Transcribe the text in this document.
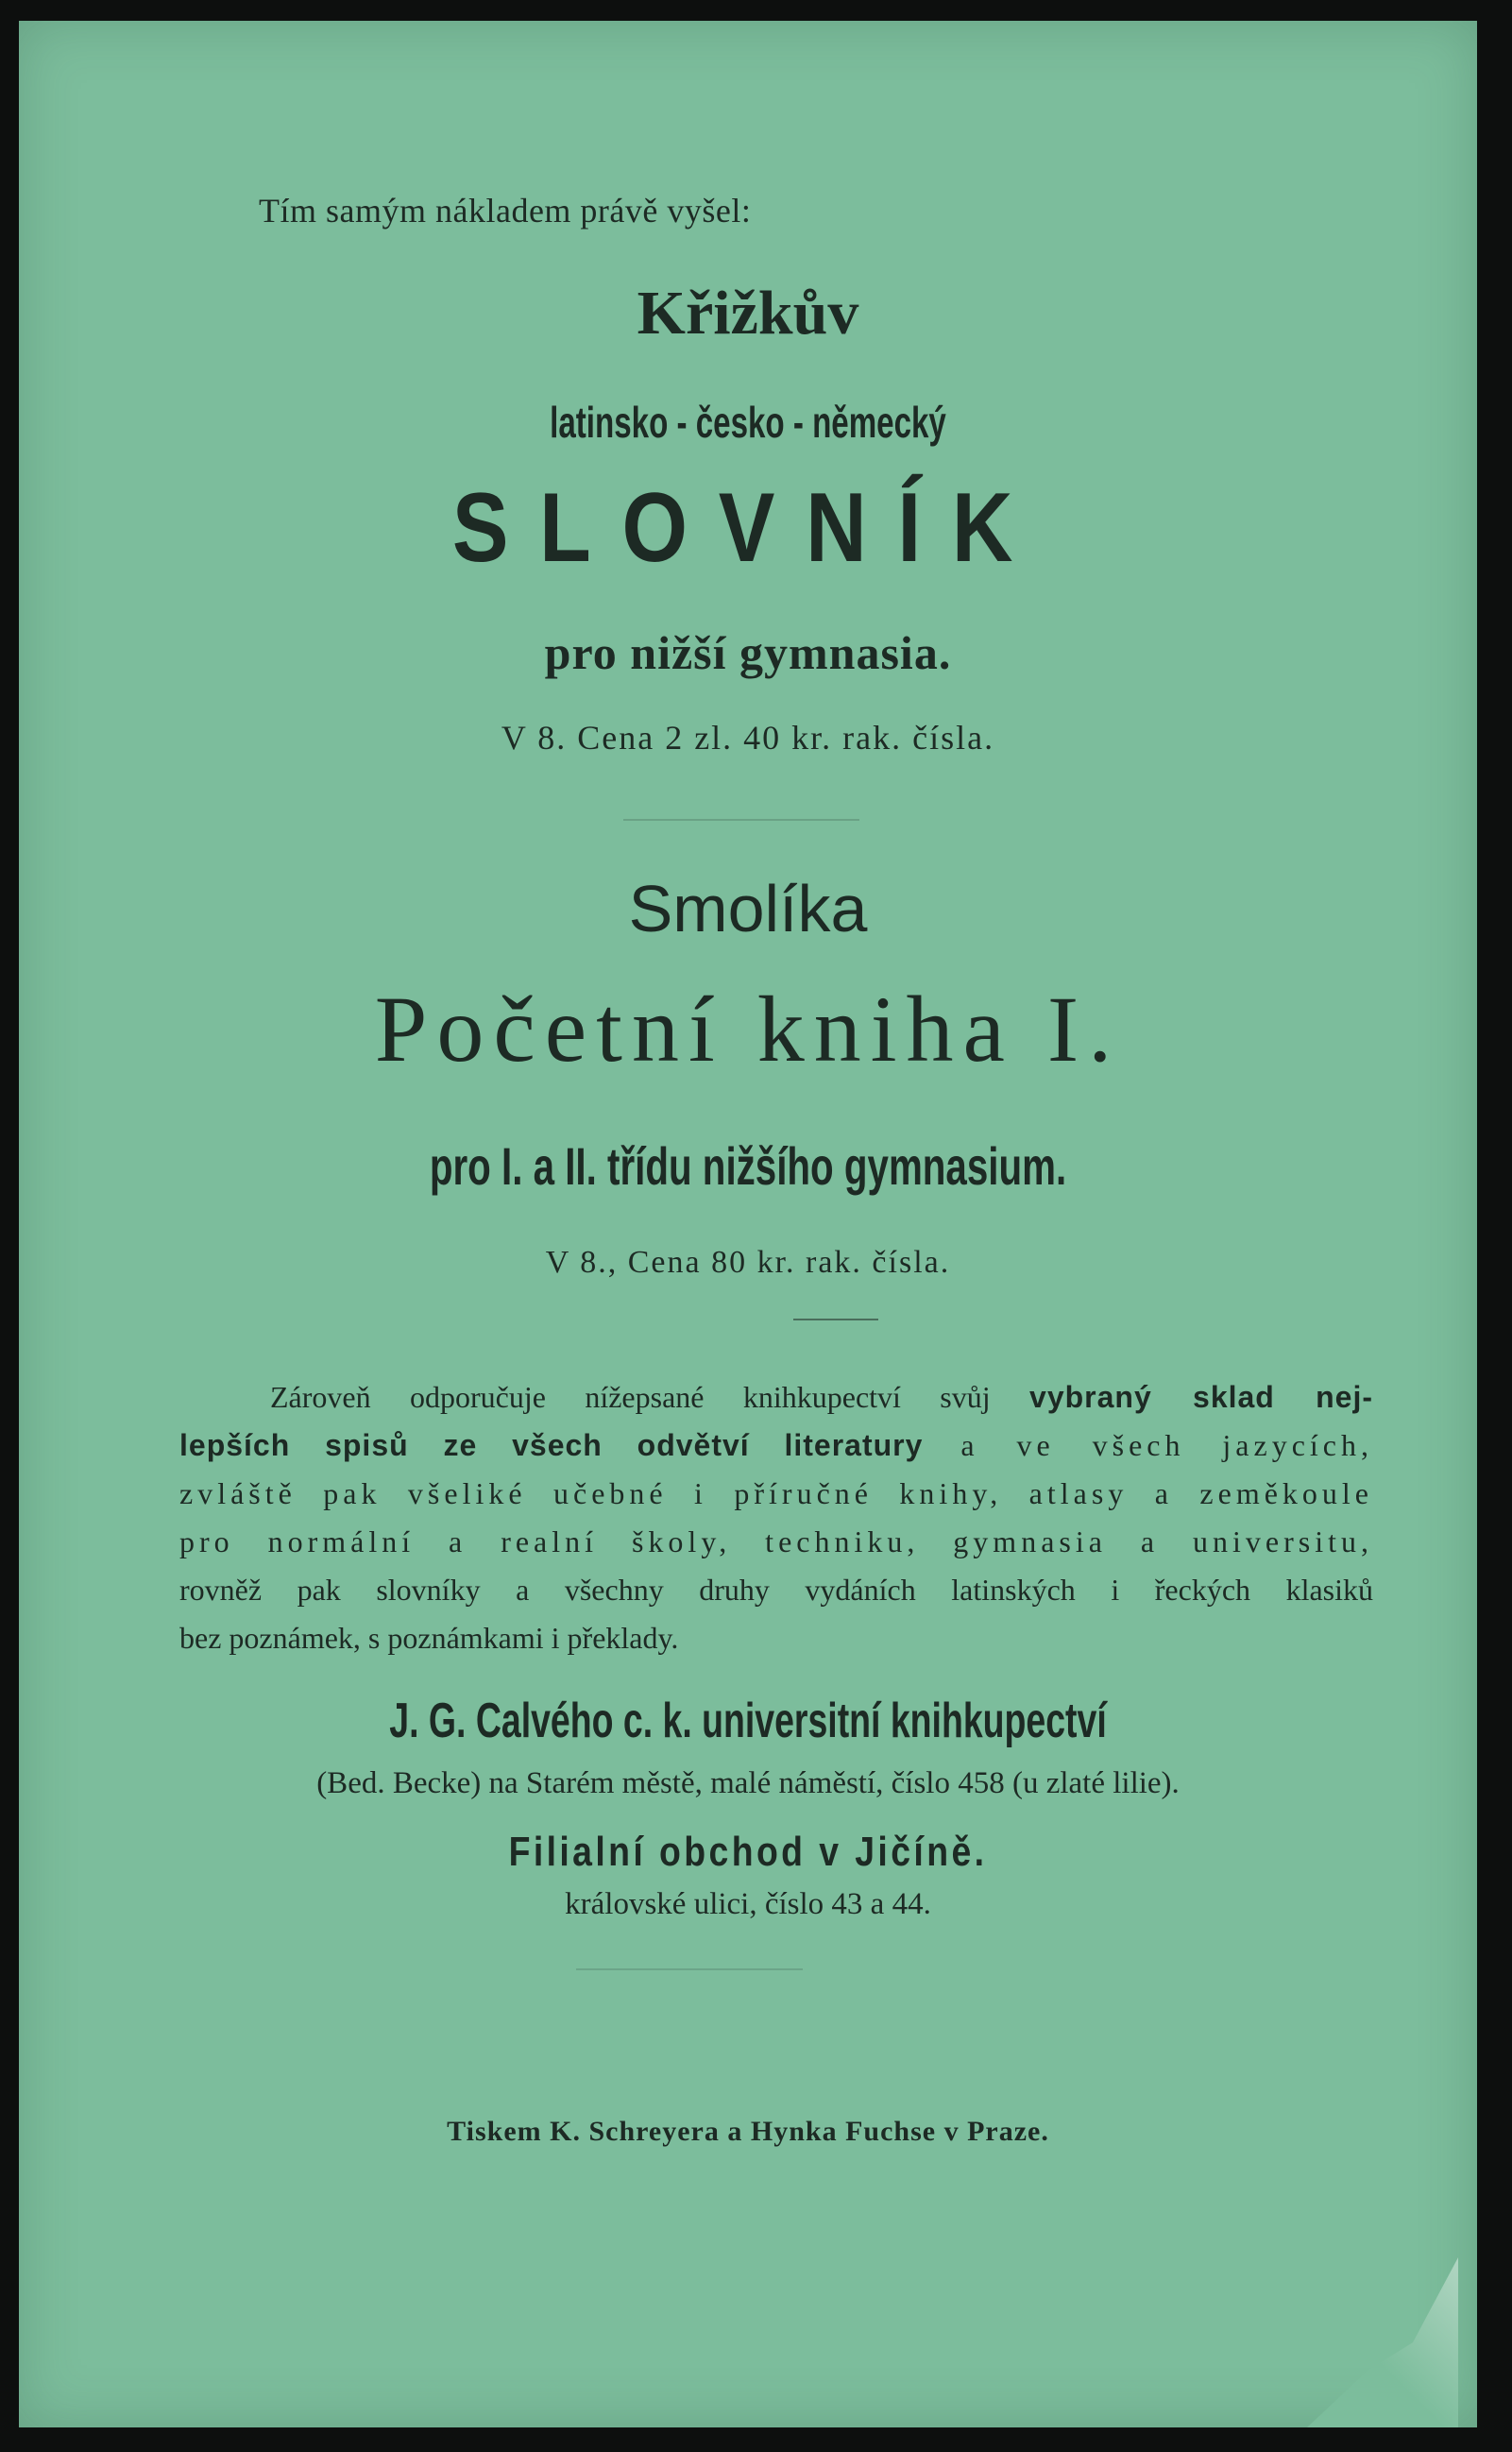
Tím samým nákladem právě vyšel:
Křižkův
latinsko - česko - německý
SLOVNÍK
pro nižší gymnasia.
V 8. Cena 2 zl. 40 kr. rak. čísla.
Smolíka
Početní kniha I.
pro I. a II. třídu nižšího gymnasium.
V 8., Cena 80 kr. rak. čísla.
Zároveň odporučuje nížepsané knihkupectví svůj vybraný sklad nej-
lepších spisů ze všech odvětví literatury a ve všech jazycích,
zvláště pak všeliké učebné i příručné knihy, atlasy a zeměkoule
pro normální a realní školy, techniku, gymnasia a universitu,
rovněž pak slovníky a všechny druhy vydáních latinských i řeckých klasiků
bez poznámek, s poznámkami i překlady.
J. G. Calvého c. k. universitní knihkupectví
(Bed. Becke) na Starém městě, malé náměstí, číslo 458 (u zlaté lilie).
Filialní obchod v Jičíně.
královské ulici, číslo 43 a 44.
Tiskem K. Schreyera a Hynka Fuchse v Praze.
